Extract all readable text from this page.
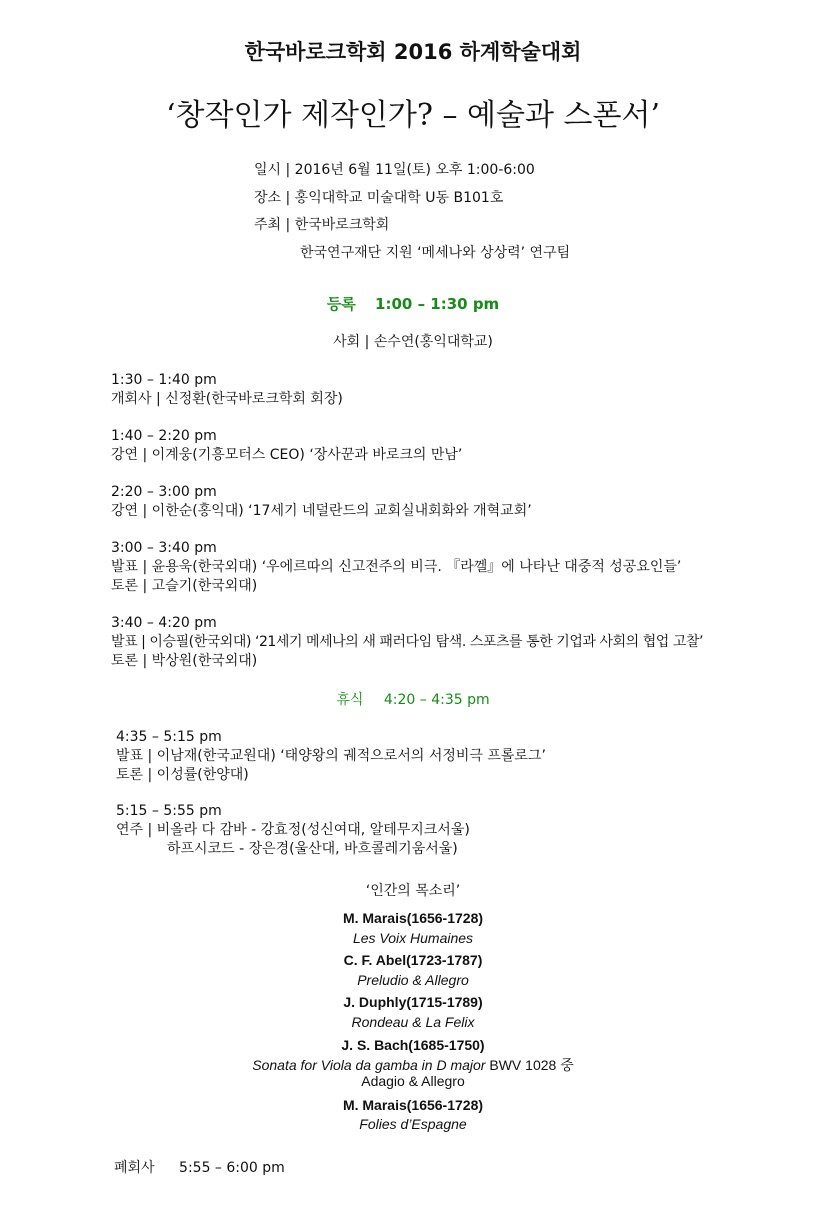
한국바로크학회 2016 하계학술대회
‘창작인가 제작인가? – 예술과 스폰서’
일시 | 2016년 6월 11일(토) 오후 1:00-6:00
장소 | 홍익대학교 미술대학 U동 B101호
주최 | 한국바로크학회
한국연구재단 지원 ‘메세나와 상상력’ 연구팀
등록 1:00 – 1:30 pm
사회 | 손수연(홍익대학교)
1:30 – 1:40 pm
개회사 | 신정환(한국바로크학회 회장)
1:40 – 2:20 pm
강연 | 이계웅(기흥모터스 CEO) ‘장사꾼과 바로크의 만남’
2:20 – 3:00 pm
강연 | 이한순(홍익대) ‘17세기 네덜란드의 교회실내회화와 개혁교회’
3:00 – 3:40 pm
발표 | 윤용욱(한국외대) ‘우에르따의 신고전주의 비극. 『라껠』에 나타난 대중적 성공요인들’
토론 | 고슬기(한국외대)
3:40 – 4:20 pm
발표 | 이승필(한국외대) ‘21세기 메세나의 새 패러다임 탐색. 스포츠를 통한 기업과 사회의 협업 고찰’
토론 | 박상원(한국외대)
휴식 4:20 – 4:35 pm
4:35 – 5:15 pm
발표 | 이남재(한국교원대) ‘태양왕의 궤적으로서의 서정비극 프롤로그’
토론 | 이성률(한양대)
5:15 – 5:55 pm
연주 | 비올라 다 감바 - 강효정(성신여대, 알테무지크서울)
하프시코드 - 장은경(울산대, 바흐콜레기움서울)
‘인간의 목소리’
M. Marais(1656-1728)
Les Voix Humaines
C. F. Abel(1723-1787)
Preludio & Allegro
J. Duphly(1715-1789)
Rondeau & La Felix
J. S. Bach(1685-1750)
Sonata for Viola da gamba in D major BWV 1028 중
Adagio & Allegro
M. Marais(1656-1728)
Folies d’Espagne
폐회사 5:55 – 6:00 pm
